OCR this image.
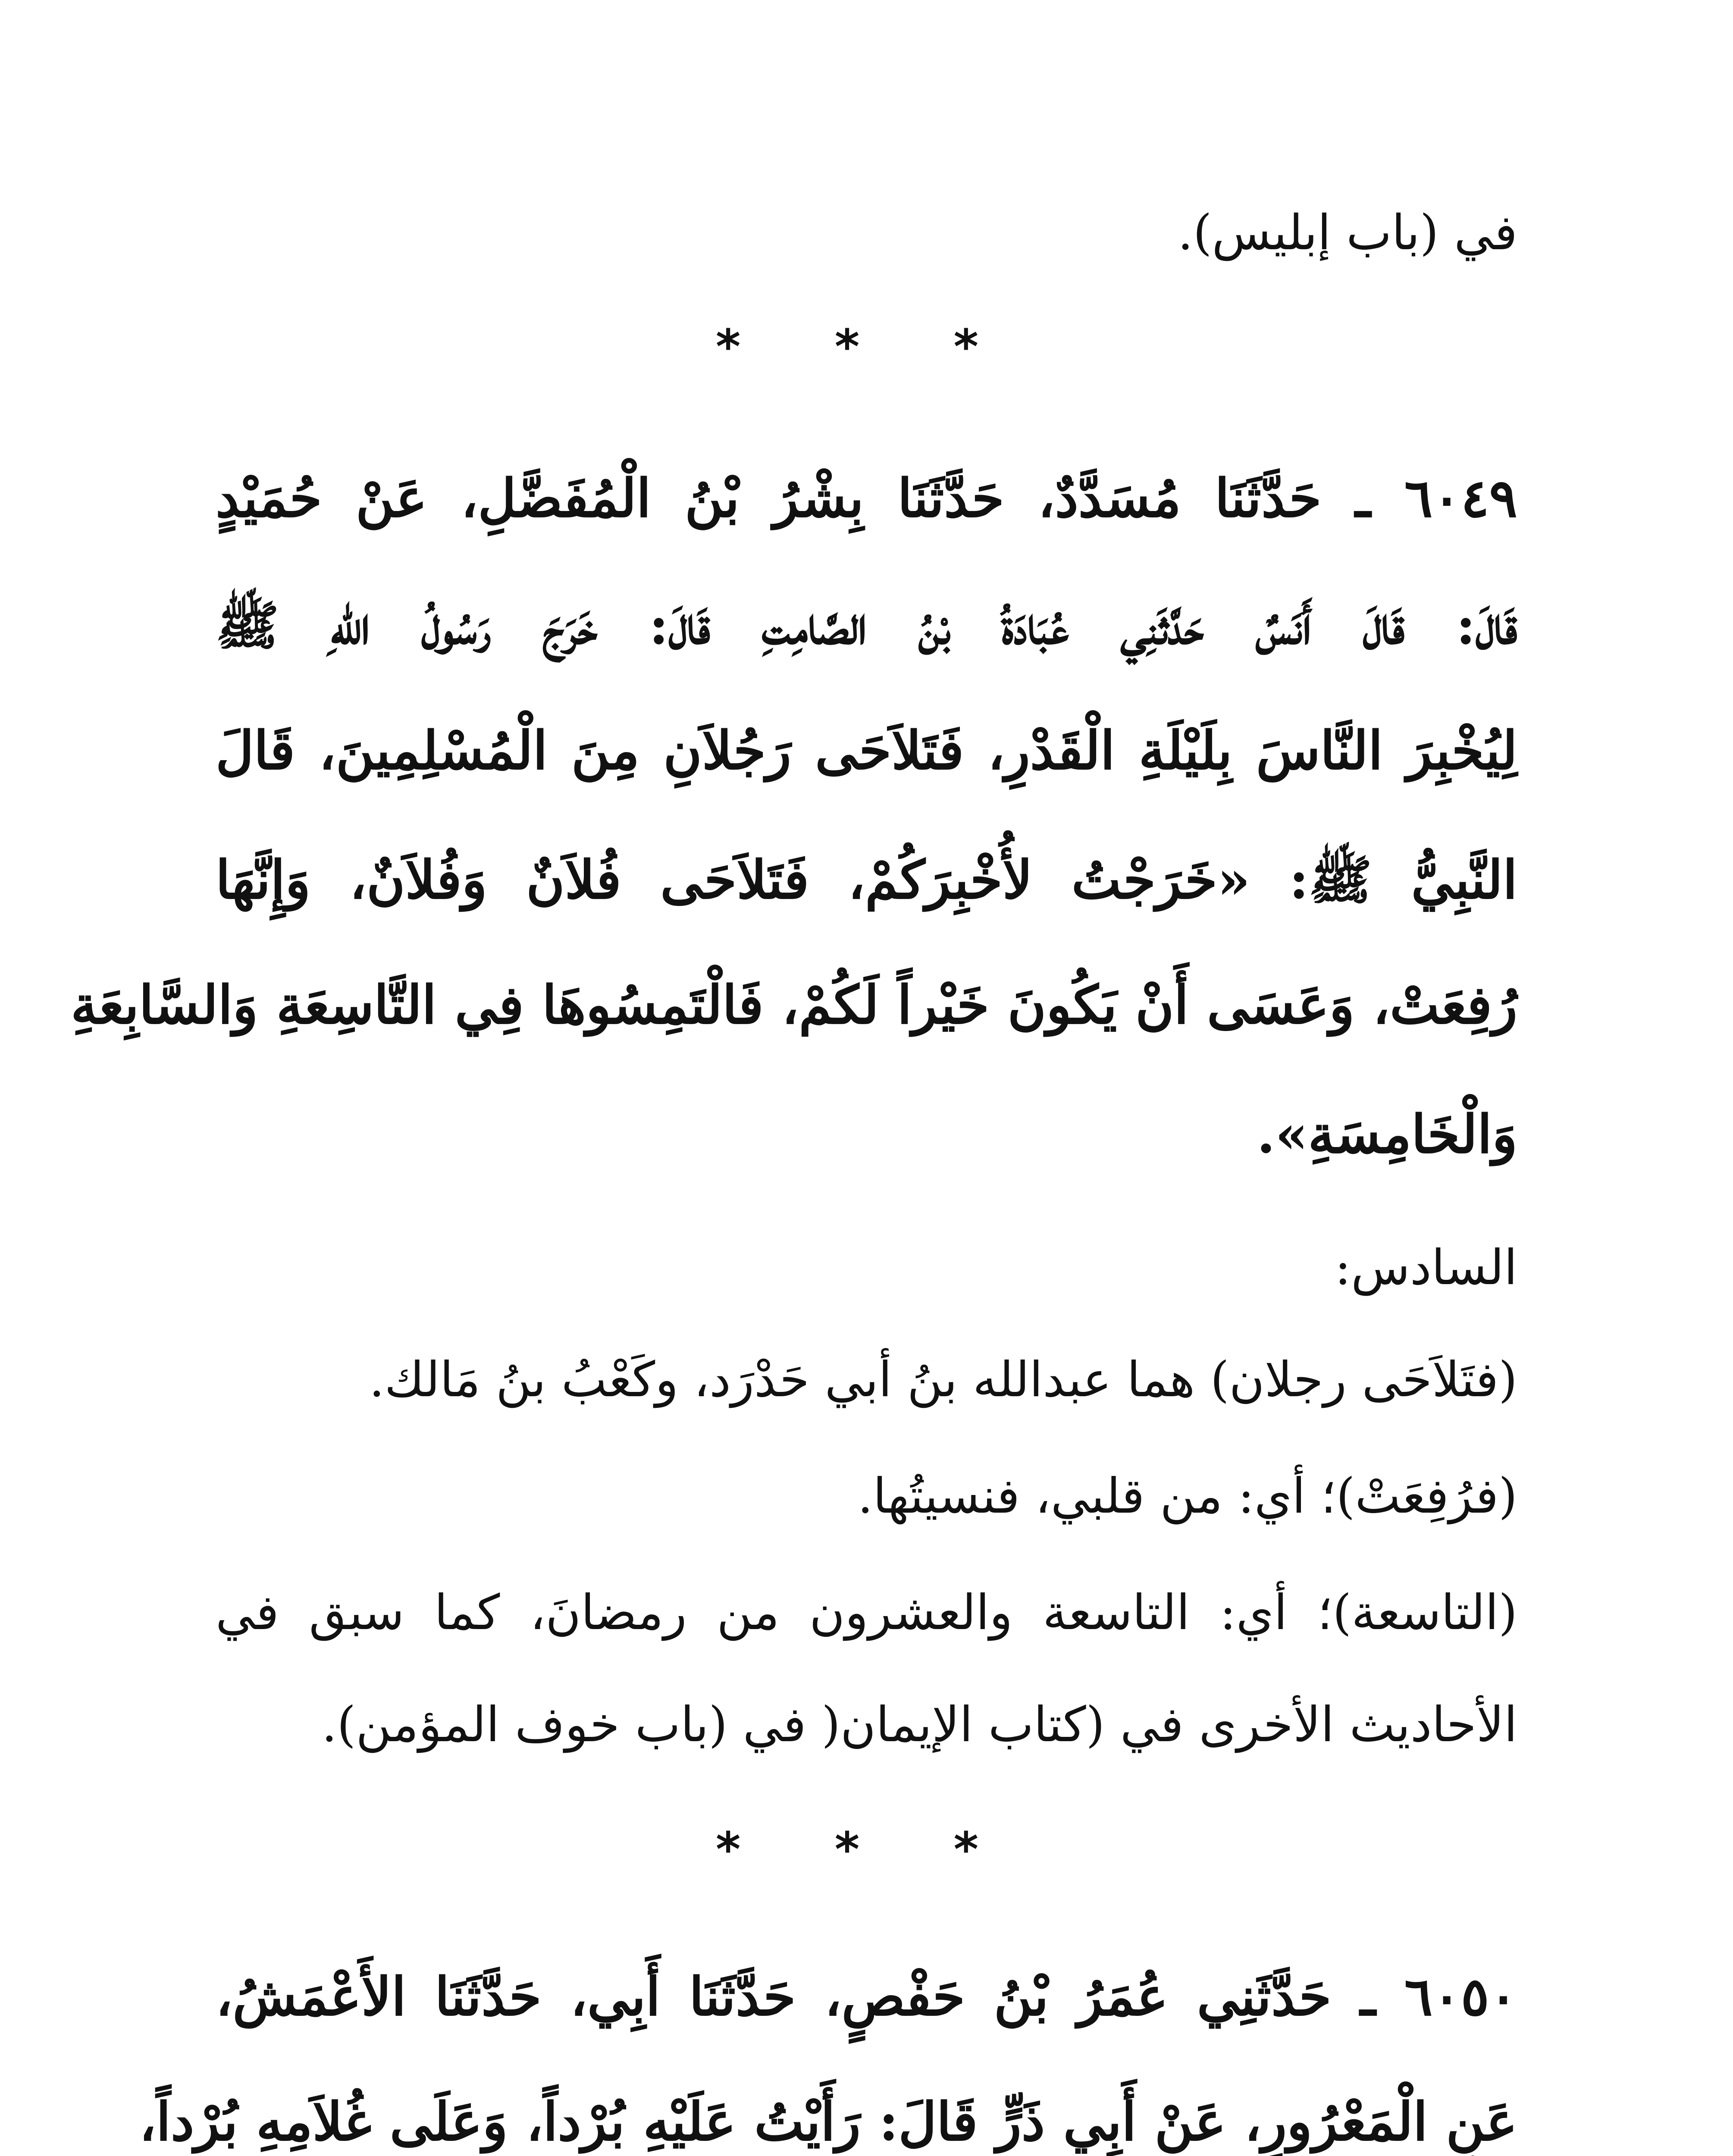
في (باب إبليس).
* * *
٦٠٤٩ ـ حَدَّثَنَا مُسَدَّدٌ، حَدَّثَنَا بِشْرُ بْنُ الْمُفَضَّلِ، عَنْ حُمَيْدٍ
قَالَ: قَالَ أَنَسٌ حَدَّثَنِي عُبَادَةُ بْنُ الصَّامِتِ قَالَ: خَرَجَ رَسُولُ اللهِ ﷺ
لِيُخْبِرَ النَّاسَ بِلَيْلَةِ الْقَدْرِ، فَتَلاَحَى رَجُلاَنِ مِنَ الْمُسْلِمِينَ، قَالَ
النَّبِيُّ ﷺ: «خَرَجْتُ لأُخْبِرَكُمْ، فَتَلاَحَى فُلاَنٌ وَفُلاَنٌ، وَإِنَّهَا
رُفِعَتْ، وَعَسَى أَنْ يَكُونَ خَيْراً لَكُمْ، فَالْتَمِسُوهَا فِي التَّاسِعَةِ وَالسَّابِعَةِ
وَالْخَامِسَةِ».
السادس:
(فتَلاَحَى رجلان) هما عبدالله بنُ أبي حَدْرَد، وكَعْبُ بنُ مَالك.
(فرُفِعَتْ)؛ أي: من قلبي، فنسيتُها.
(التاسعة)؛ أي: التاسعة والعشرون من رمضانَ، كما سبق في
الأحاديث الأخرى في (كتاب الإيمان( في (باب خوف المؤمن).
* * *
٦٠٥٠ ـ حَدَّثَنِي عُمَرُ بْنُ حَفْصٍ، حَدَّثَنَا أَبِي، حَدَّثَنَا الأَعْمَشُ،
عَنِ الْمَعْرُورِ، عَنْ أَبِي ذَرٍّ قَالَ: رَأَيْتُ عَلَيْهِ بُرْداً، وَعَلَى غُلاَمِهِ بُرْداً،
